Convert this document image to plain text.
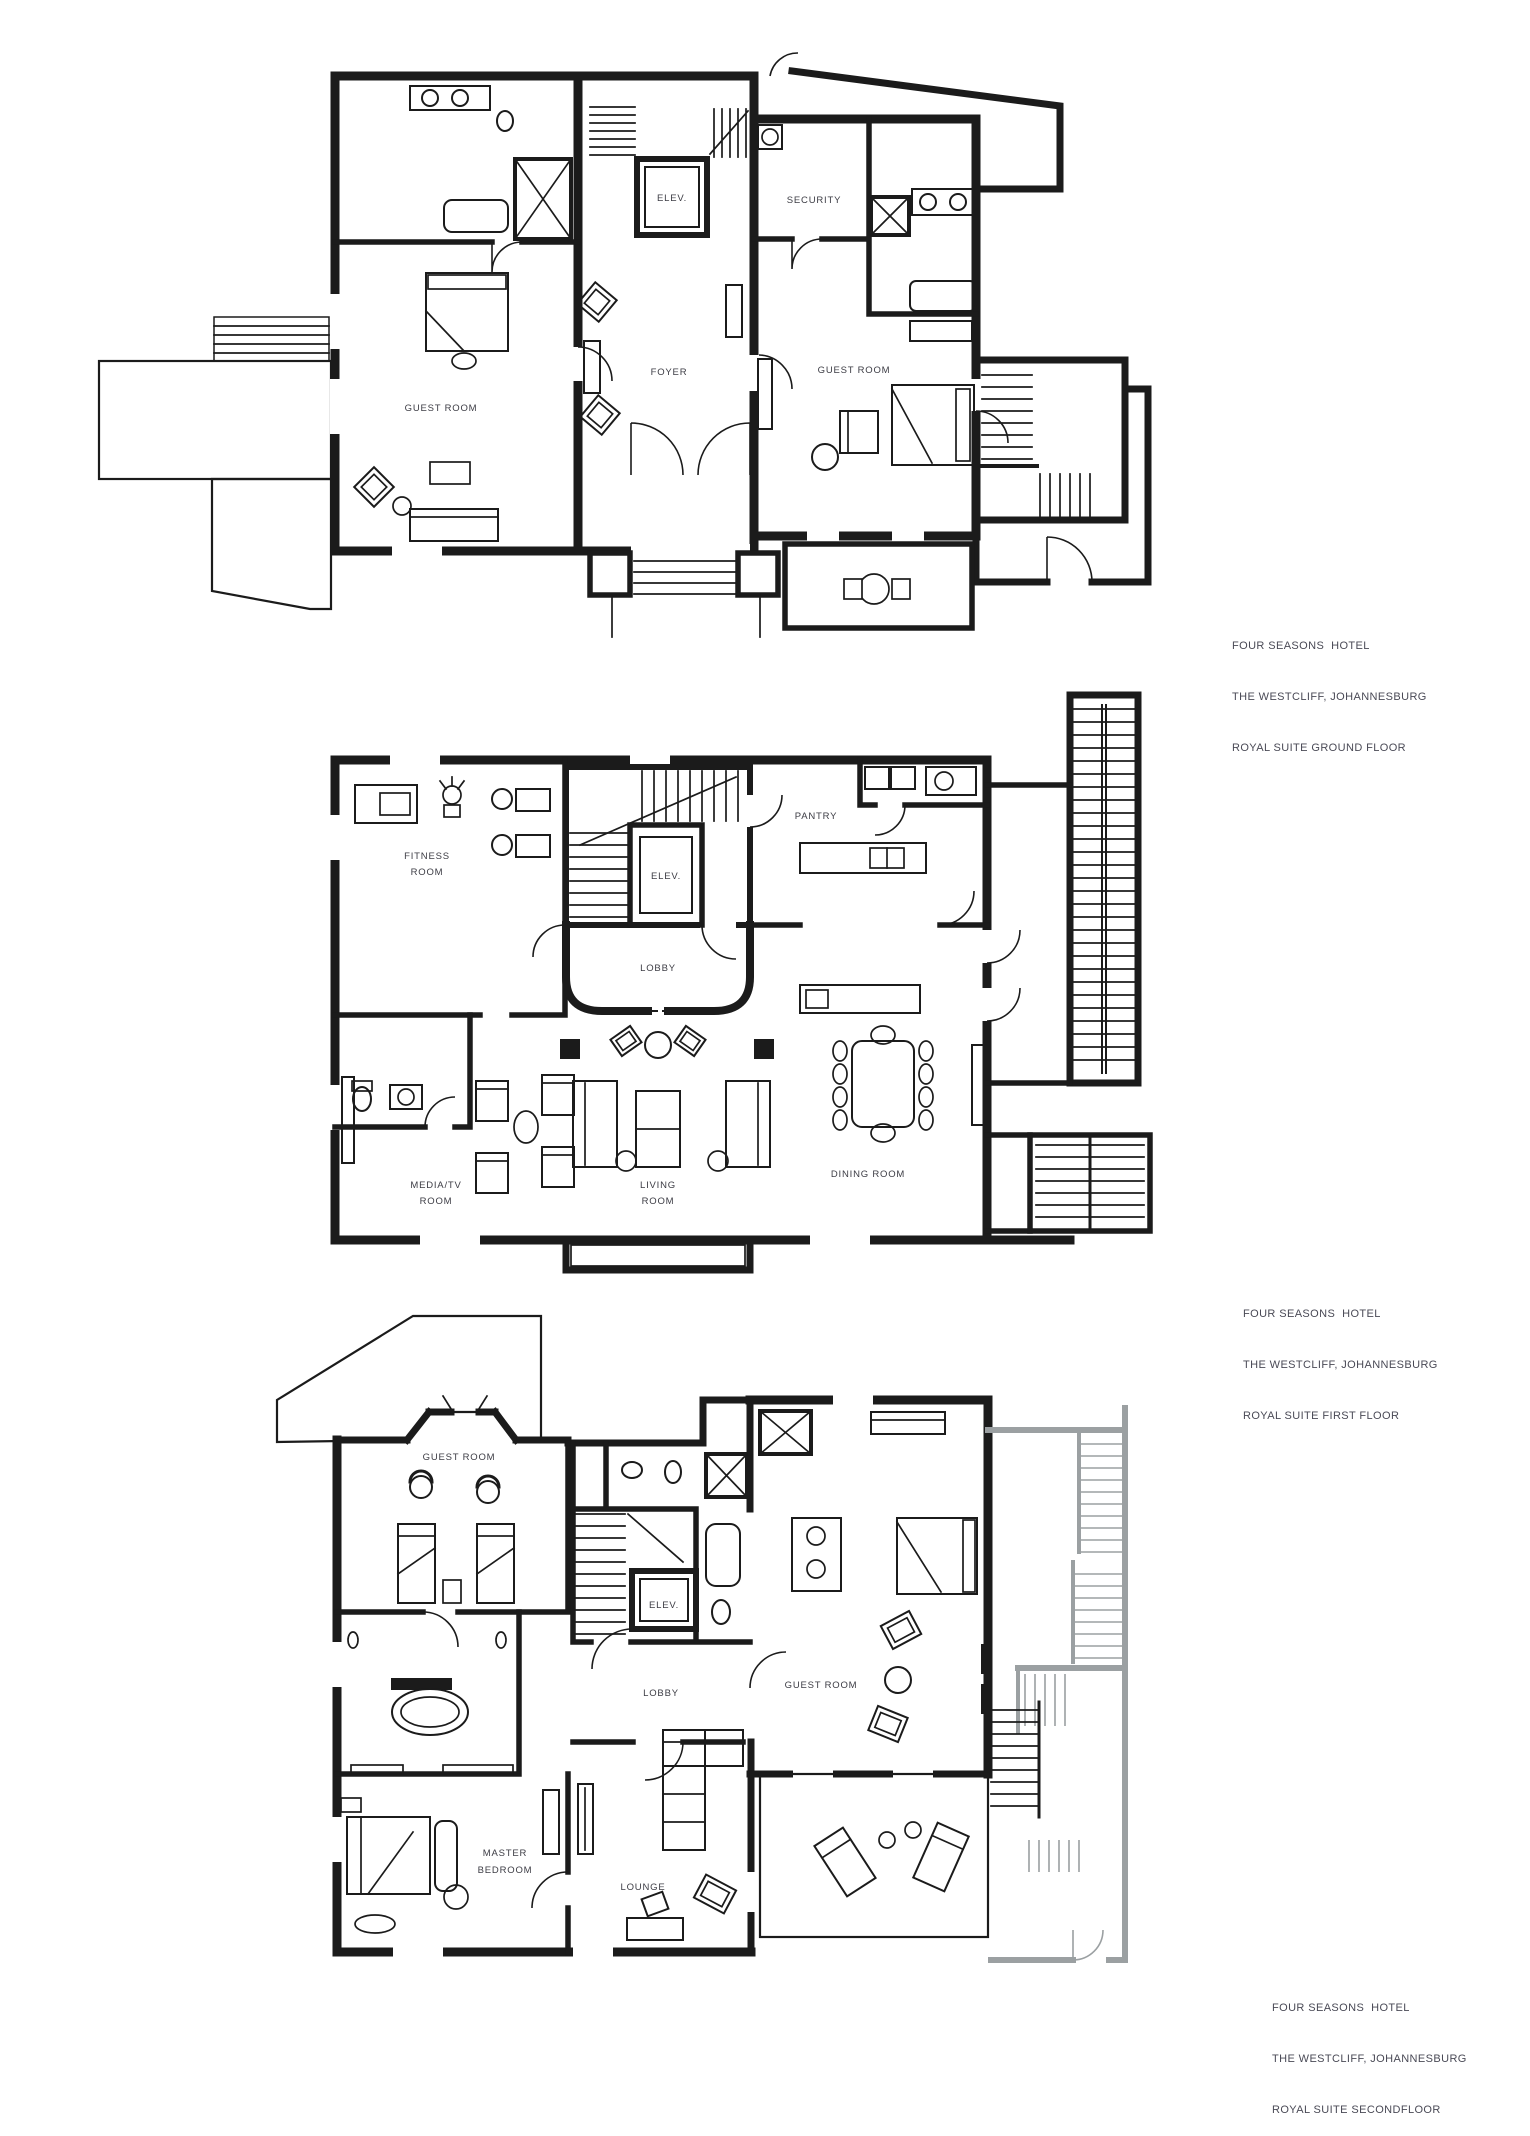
ELEV.	SECURITY
GUEST ROOM
FOYER	GUEST ROOM

FOUR SEASONS  HOTEL

THE WESTCLIFF, JOHANNESBURG

ROYAL SUITE GROUND FLOOR

FITNESS
ROOM	ELEV.
LOBBY
PANTRY
DINING ROOM
LIVING
ROOM
MEDIA/TV
ROOM

FOUR SEASONS  HOTEL

THE WESTCLIFF, JOHANNESBURG

ROYAL SUITE FIRST FLOOR

GUEST ROOM
ELEV.
LOBBY
GUEST ROOM
MASTER
BEDROOM
LOUNGE

FOUR SEASONS  HOTEL

THE WESTCLIFF, JOHANNESBURG

ROYAL SUITE SECONDFLOOR
